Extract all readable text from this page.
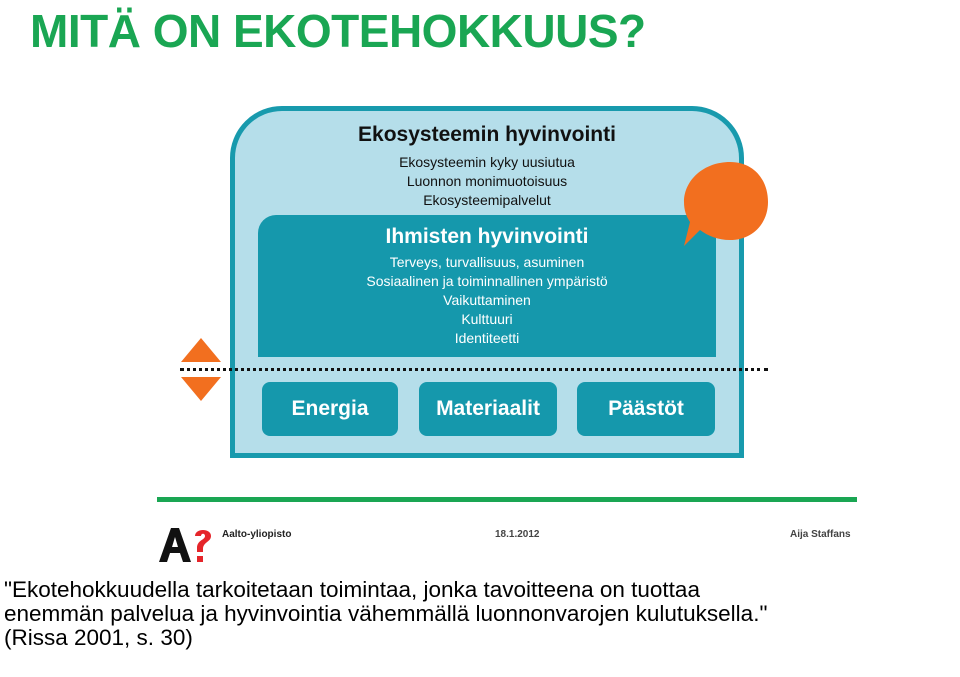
MITÄ ON EKOTEHOKKUUS?
Ekosysteemin hyvinvointi
Ekosysteemin kyky uusiutua
Luonnon monimuotoisuus
Ekosysteemipalvelut
Ihmisten hyvinvointi
Terveys, turvallisuus, asuminen
Sosiaalinen ja toiminnallinen ympäristö
Vaikuttaminen
Kulttuuri
Identiteetti
Energia	Materiaalit	Päästöt
Aalto-yliopisto	18.1.2012	Aija Staffans
"Ekotehokkuudella tarkoitetaan toimintaa, jonka tavoitteena on tuottaa
enemmän palvelua ja hyvinvointia vähemmällä luonnonvarojen kulutuksella."
(Rissa 2001, s. 30)
